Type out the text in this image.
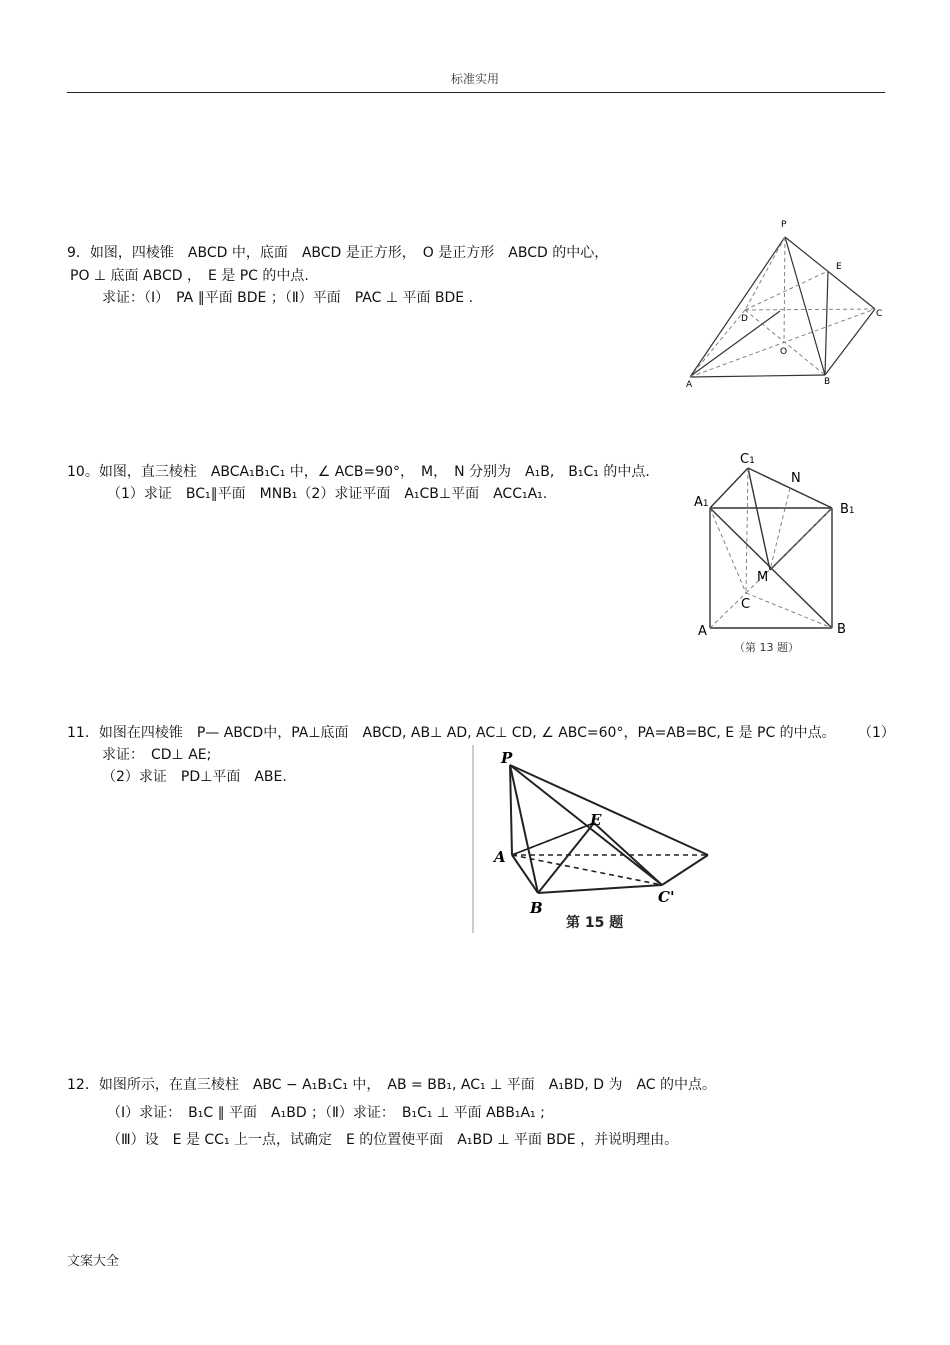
标准实用
9．如图，四棱锥　ABCD 中，底面　ABCD 是正方形，　O 是正方形　ABCD 的中心，
PO ⊥ 底面 ABCD ，　E 是 PC 的中点.
求证：（Ⅰ）　PA ∥平面 BDE ；（Ⅱ）平面　PAC ⊥ 平面 BDE .
P
E
D	C
O
A	B
10。如图，直三棱柱　ABCA₁B₁C₁ 中，∠ ACB=90°，　M，　N 分别为　A₁B,　B₁C₁ 的中点.
（1）求证　BC₁∥平面　MNB₁（2）求证平面　A₁CB⊥平面　ACC₁A₁.
C1
N
A1	B1
M
C
A	B
（第 13 题）
11．如图在四棱锥　P— ABCD中，PA⊥底面　ABCD, AB⊥ AD, AC⊥ CD, ∠ ABC=60°，PA=AB=BC, E 是 PC 的中点。 （1）
求证：　CD⊥ AE;
（2）求证　PD⊥平面　ABE.
P
E
A
B
C'
第 15 题
12．如图所示，在直三棱柱　ABC − A₁B₁C₁ 中，　AB = BB₁, AC₁ ⊥ 平面　A₁BD, D 为　AC 的中点。
（Ⅰ）求证：　B₁C ∥ 平面　A₁BD ；（Ⅱ）求证：　B₁C₁ ⊥ 平面 ABB₁A₁ ;
（Ⅲ）设　E 是 CC₁ 上一点，试确定　E 的位置使平面　A₁BD ⊥ 平面 BDE ，并说明理由。
文案大全
